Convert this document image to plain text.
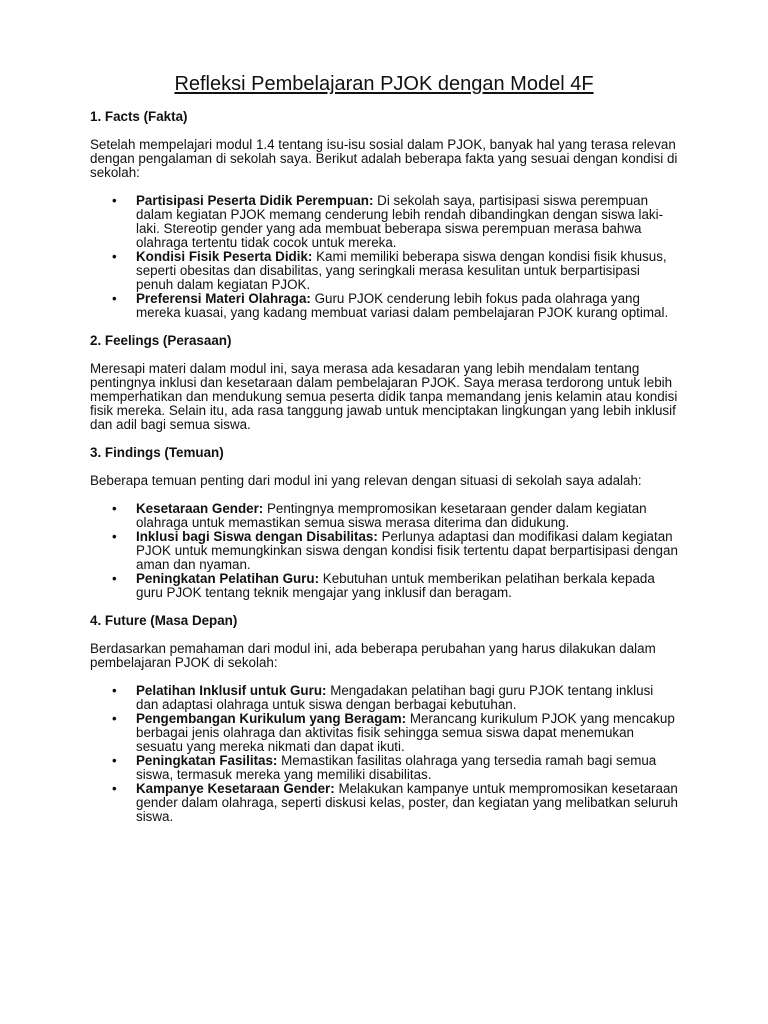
Refleksi Pembelajaran PJOK dengan Model 4F
1. Facts (Fakta)

Setelah mempelajari modul 1.4 tentang isu-isu sosial dalam PJOK, banyak hal yang terasa relevan dengan pengalaman di sekolah saya. Berikut adalah beberapa fakta yang sesuai dengan kondisi di sekolah:

• Partisipasi Peserta Didik Perempuan: Di sekolah saya, partisipasi siswa perempuan dalam kegiatan PJOK memang cenderung lebih rendah dibandingkan dengan siswa laki-laki. Stereotip gender yang ada membuat beberapa siswa perempuan merasa bahwa olahraga tertentu tidak cocok untuk mereka.
• Kondisi Fisik Peserta Didik: Kami memiliki beberapa siswa dengan kondisi fisik khusus, seperti obesitas dan disabilitas, yang seringkali merasa kesulitan untuk berpartisipasi penuh dalam kegiatan PJOK.
• Preferensi Materi Olahraga: Guru PJOK cenderung lebih fokus pada olahraga yang mereka kuasai, yang kadang membuat variasi dalam pembelajaran PJOK kurang optimal.
2. Feelings (Perasaan)

Meresapi materi dalam modul ini, saya merasa ada kesadaran yang lebih mendalam tentang pentingnya inklusi dan kesetaraan dalam pembelajaran PJOK. Saya merasa terdorong untuk lebih memperhatikan dan mendukung semua peserta didik tanpa memandang jenis kelamin atau kondisi fisik mereka. Selain itu, ada rasa tanggung jawab untuk menciptakan lingkungan yang lebih inklusif dan adil bagi semua siswa.

3. Findings (Temuan)

Beberapa temuan penting dari modul ini yang relevan dengan situasi di sekolah saya adalah:

• Kesetaraan Gender: Pentingnya mempromosikan kesetaraan gender dalam kegiatan olahraga untuk memastikan semua siswa merasa diterima dan didukung.
• Inklusi bagi Siswa dengan Disabilitas: Perlunya adaptasi dan modifikasi dalam kegiatan PJOK untuk memungkinkan siswa dengan kondisi fisik tertentu dapat berpartisipasi dengan aman dan nyaman.
• Peningkatan Pelatihan Guru: Kebutuhan untuk memberikan pelatihan berkala kepada guru PJOK tentang teknik mengajar yang inklusif dan beragam.
4. Future (Masa Depan)

Berdasarkan pemahaman dari modul ini, ada beberapa perubahan yang harus dilakukan dalam pembelajaran PJOK di sekolah:

• Pelatihan Inklusif untuk Guru: Mengadakan pelatihan bagi guru PJOK tentang inklusi dan adaptasi olahraga untuk siswa dengan berbagai kebutuhan.
• Pengembangan Kurikulum yang Beragam: Merancang kurikulum PJOK yang mencakup berbagai jenis olahraga dan aktivitas fisik sehingga semua siswa dapat menemukan sesuatu yang mereka nikmati dan dapat ikuti.
• Peningkatan Fasilitas: Memastikan fasilitas olahraga yang tersedia ramah bagi semua siswa, termasuk mereka yang memiliki disabilitas.
• Kampanye Kesetaraan Gender: Melakukan kampanye untuk mempromosikan kesetaraan gender dalam olahraga, seperti diskusi kelas, poster, dan kegiatan yang melibatkan seluruh siswa.
